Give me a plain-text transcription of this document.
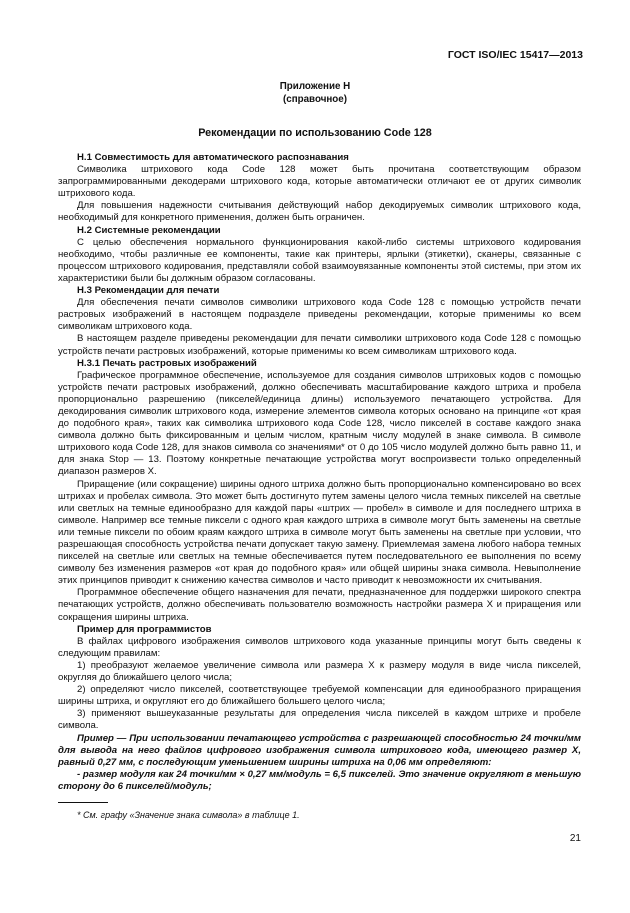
ГОСТ ISO/IEC 15417—2013
Приложение Н
(справочное)
Рекомендации по использованию Code 128

Н.1 Совместимость для автоматического распознавания

Символика штрихового кода Code 128 может быть прочитана соответствующим образом запрограммированными декодерами штрихового кода, которые автоматически отличают ее от других символик штрихового кода.

Для повышения надежности считывания действующий набор декодируемых символик штрихового кода, необходимый для конкретного применения, должен быть ограничен.

Н.2 Системные рекомендации

С целью обеспечения нормального функционирования какой-либо системы штрихового кодирования необходимо, чтобы различные ее компоненты, такие как принтеры, ярлыки (этикетки), сканеры, связанные с процессом штрихового кодирования, представляли собой взаимоувязанные компоненты этой системы, при этом их характеристики были бы должным образом согласованы.

Н.3 Рекомендации для печати

Для обеспечения печати символов символики штрихового кода Code 128 с помощью устройств печати растровых изображений в настоящем подразделе приведены рекомендации, которые применимы ко всем символикам штрихового кода.

В настоящем разделе приведены рекомендации для печати символики штрихового кода Code 128 с помощью устройств печати растровых изображений, которые применимы ко всем символикам штрихового кода.

Н.3.1 Печать растровых изображений

Графическое программное обеспечение, используемое для создания символов штриховых кодов с помощью устройств печати растровых изображений, должно обеспечивать масштабирование каждого штриха и пробела пропорционально разрешению (пикселей/единица длины) используемого печатающего устройства. Для декодирования символик штрихового кода, измерение элементов символа которых основано на принципе «от края до подобного края», таких как символика штрихового кода Code 128, число пикселей в составе каждого знака символа должно быть фиксированным и целым числом, кратным числу модулей в знаке символа. В символе штрихового кода Code 128, для знаков символа со значениями* от 0 до 105 число модулей должно быть равно 11, и для знака Stop — 13. Поэтому конкретные печатающие устройства могут воспроизвести только определенный диапазон размеров X.

Приращение (или сокращение) ширины одного штриха должно быть пропорционально компенсировано во всех штрихах и пробелах символа. Это может быть достигнуто путем замены целого числа темных пикселей на светлые или светлых на темные единообразно для каждой пары «штрих — пробел» в символе и для последнего штриха в символе. Например все темные пиксели с одного края каждого штриха в символе могут быть заменены на светлые или темные пиксели по обоим краям каждого штриха в символе могут быть заменены на светлые при условии, что разрешающая способность устройства печати допускает такую замену. Приемлемая замена любого набора темных пикселей на светлые или светлых на темные обеспечивается путем последовательного ее выполнения по всему символу без изменения размеров «от края до подобного края» или общей ширины знака символа. Невыполнение этих принципов приводит к снижению качества символов и часто приводит к невозможности их считывания.

Программное обеспечение общего назначения для печати, предназначенное для поддержки широкого спектра печатающих устройств, должно обеспечивать пользователю возможность настройки размера X и приращения или сокращения ширины штриха.

Пример для программистов

В файлах цифрового изображения символов штрихового кода указанные принципы могут быть сведены к следующим правилам:

1) преобразуют желаемое увеличение символа или размера X к размеру модуля в виде числа пикселей, округляя до ближайшего целого числа;

2) определяют число пикселей, соответствующее требуемой компенсации для единообразного приращения ширины штриха, и округляют его до ближайшего большего целого числа;

3) применяют вышеуказанные результаты для определения числа пикселей в каждом штрихе и пробеле символа.

Пример — При использовании печатающего устройства с разрешающей способностью 24 точки/мм для вывода на него файлов цифрового изображения символа штрихового кода, имеющего размер X, равный 0,27 мм, с последующим уменьшением ширины штриха на 0,06 мм определяют:

- размер модуля как 24 точки/мм × 0,27 мм/модуль = 6,5 пикселей. Это значение округляют в меньшую сторону до 6 пикселей/модуль;

* См. графу «Значение знака символа» в таблице 1.
21
